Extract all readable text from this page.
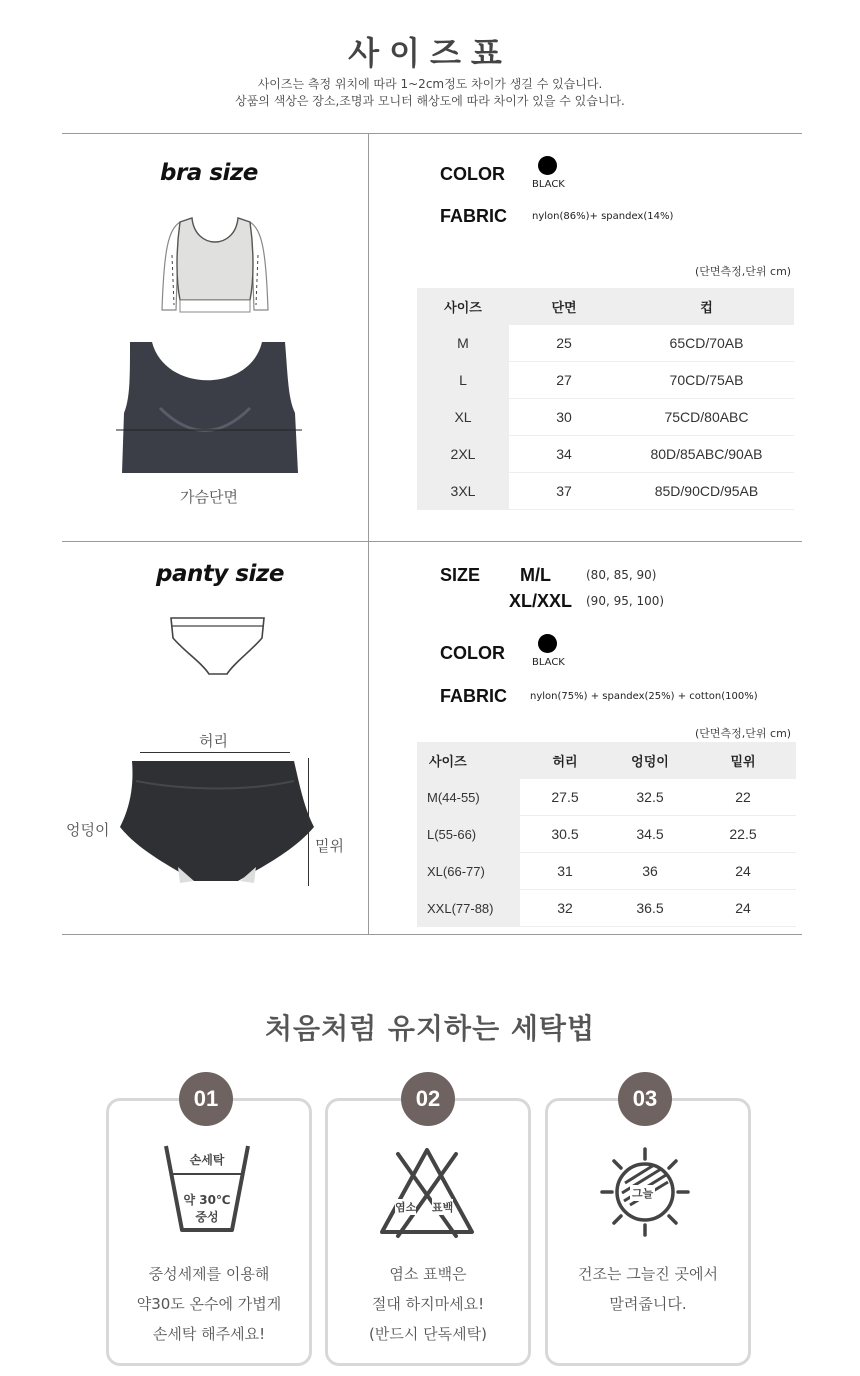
사이즈표
사이즈는 측정 위치에 따라 1~2cm정도 차이가 생길 수 있습니다.
상품의 색상은 장소,조명과 모니터 해상도에 따라 차이가 있을 수 있습니다.
bra size
가슴단면
COLOR
BLACK
FABRIC	nylon(86%)+ spandex(14%)
(단면측정,단위 cm)
사이즈	단면	컵
M	25	65CD/70AB
L	27	70CD/75AB
XL	30	75CD/80ABC
2XL	34	80D/85ABC/90AB
3XL	37	85D/90CD/95AB
panty size
허리
엉덩이
밑위
SIZE M/L	(80, 85, 90)
XL/XXL (90, 95, 100)
COLOR	BLACK
FABRIC nylon(75%) + spandex(25%) + cotton(100%)
(단면측정,단위 cm)
사이즈	허리	엉덩이	밑위
M(44-55)	27.5	32.5	22
L(55-66)	30.5	34.5	22.5
XL(66-77)	31	36	24
XXL(77-88)	32	36.5	24
처음처럼 유지하는 세탁법
01
손세탁
약 30℃
중성
중성세제를 이용해
약30도 온수에 가볍게
손세탁 해주세요!
02
염소 표백
염소 표백은
절대 하지마세요!
(반드시 단독세탁)
03
그늘
건조는 그늘진 곳에서
말려줍니다.
